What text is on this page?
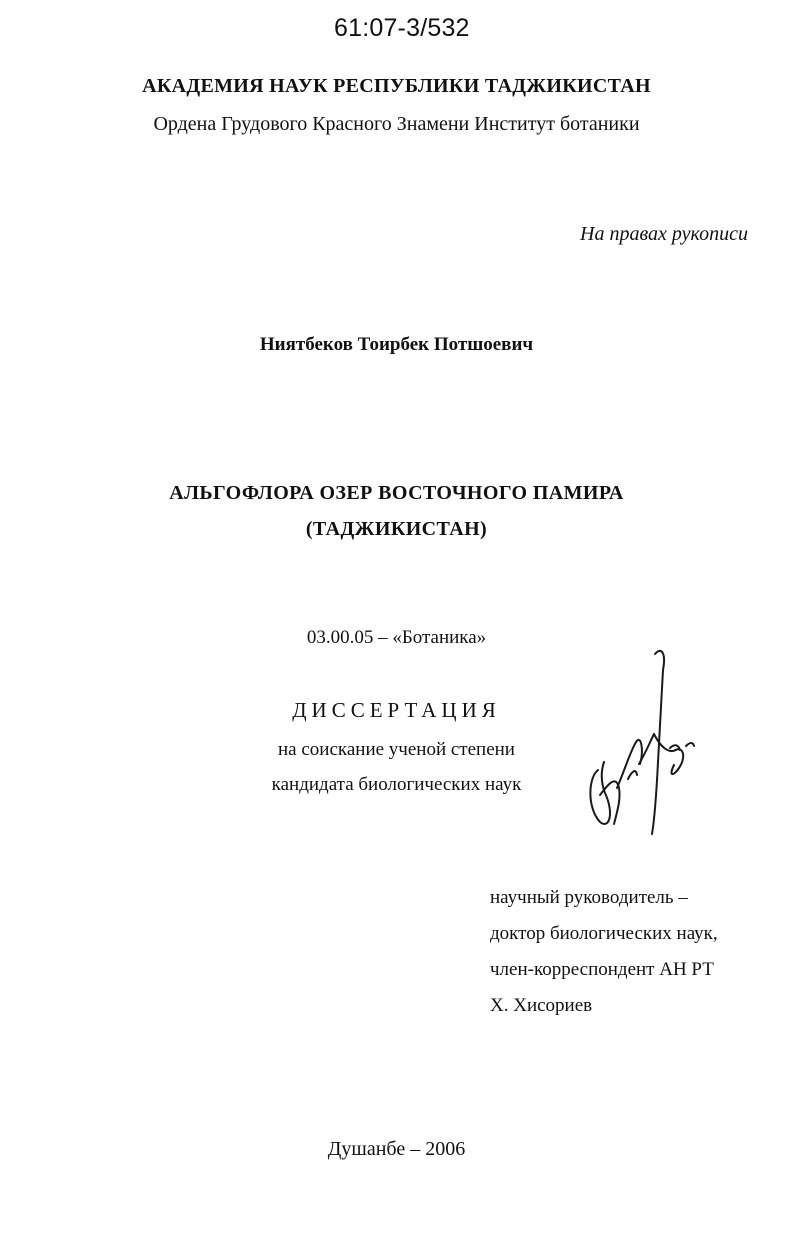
61:07-3/532
АКАДЕМИЯ НАУК РЕСПУБЛИКИ ТАДЖИКИСТАН
Ордена Грудового Красного Знамени Институт ботаники
На правах рукописи
Ниятбеков Тоирбек Потшоевич
АЛЬГОФЛОРА ОЗЕР ВОСТОЧНОГО ПАМИРА
(ТАДЖИКИСТАН)
03.00.05 – «Ботаника»
ДИССЕРТАЦИЯ
на соискание ученой степени
кандидата биологических наук
научный руководитель –
доктор биологических наук,
член-корреспондент АН РТ
Х. Хисориев
Душанбе – 2006
